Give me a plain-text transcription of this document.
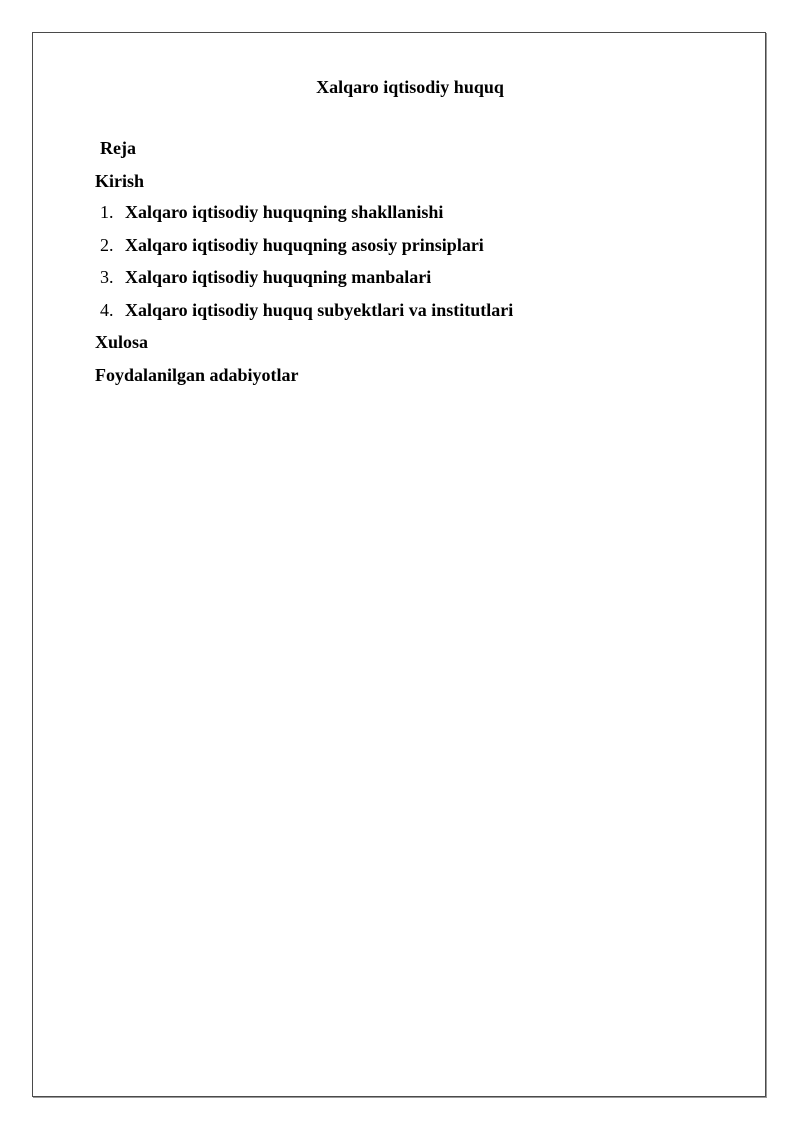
Xalqaro iqtisodiy huquq
Reja
Kirish
1. Xalqaro iqtisodiy huquqning shakllanishi
2. Xalqaro iqtisodiy huquqning asosiy prinsiplari
3. Xalqaro iqtisodiy huquqning manbalari
4. Xalqaro iqtisodiy huquq subyektlari va institutlari
Xulosa
Foydalanilgan adabiyotlar
